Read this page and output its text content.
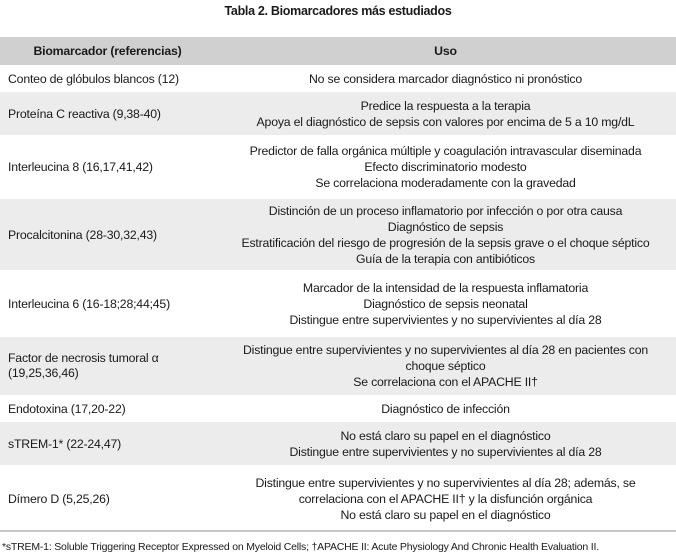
Tabla 2. Biomarcadores más estudiados
Biomarcador (referencias)	Uso
Conteo de glóbulos blancos (12)	No se considera marcador diagnóstico ni pronóstico

Proteína C reactiva (9,38-40)	Predice la respuesta a la terapia
Apoya el diagnóstico de sepsis con valores por encima de 5 a 10 mg/dL

Interleucina 8 (16,17,41,42)	Predictor de falla orgánica múltiple y coagulación intravascular diseminada
Efecto discriminatorio modesto
Se correlaciona moderadamente con la gravedad

Procalcitonina (28-30,32,43)	Distinción de un proceso inflamatorio por infección o por otra causa
Diagnóstico de sepsis
Estratificación del riesgo de progresión de la sepsis grave o el choque séptico
Guía de la terapia con antibióticos

Interleucina 6 (16-18;28;44;45)	Marcador de la intensidad de la respuesta inflamatoria
Diagnóstico de sepsis neonatal
Distingue entre supervivientes y no supervivientes al día 28

Factor de necrosis tumoral α (19,25,36,46)	Distingue entre supervivientes y no supervivientes al día 28 en pacientes con choque séptico
Se correlaciona con el APACHE II†

Endotoxina (17,20-22)	Diagnóstico de infección

sTREM-1* (22-24,47)	No está claro su papel en el diagnóstico
Distingue entre supervivientes y no supervivientes al día 28

Dímero D (5,25,26)	Distingue entre supervivientes y no supervivientes al día 28; además, se correlaciona con el APACHE II† y la disfunción orgánica
No está claro su papel en el diagnóstico
*sTREM-1: Soluble Triggering Receptor Expressed on Myeloid Cells; †APACHE II: Acute Physiology And Chronic Health Evaluation II.
